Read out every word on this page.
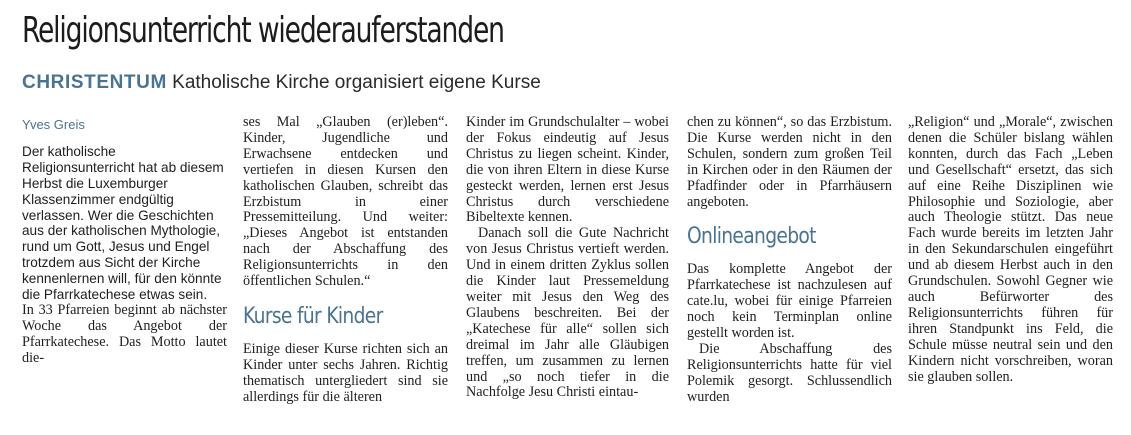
Religionsunterricht wiederauferstanden
CHRISTENTUM Katholische Kirche organisiert eigene Kurse
Yves Greis

Der katholische Religionsunterricht hat ab diesem Herbst die Luxemburger Klassenzimmer endgültig verlassen. Wer die Geschichten aus der katholischen Mythologie, rund um Gott, Jesus und Engel trotzdem aus Sicht der Kirche kennenlernen will, für den könnte die Pfarrkatechese etwas sein.

In 33 Pfarreien beginnt ab nächster Woche das Angebot der Pfarrkatechese. Das Motto lautet die-

ses Mal „Glauben (er)leben“. Kinder, Jugendliche und Erwachsene entdecken und vertiefen in diesen Kursen den katholischen Glauben, schreibt das Erzbistum in einer Pressemitteilung. Und weiter: „Dieses Angebot ist entstanden nach der Abschaffung des Religionsunterrichts in den öffentlichen Schulen.“

Kurse für Kinder

Einige dieser Kurse richten sich an Kinder unter sechs Jahren. Richtig thematisch untergliedert sind sie allerdings für die älteren

Kinder im Grundschulalter – wobei der Fokus eindeutig auf Jesus Christus zu liegen scheint. Kinder, die von ihren Eltern in diese Kurse gesteckt werden, lernen erst Jesus Christus durch verschiedene Bibeltexte kennen.

Danach soll die Gute Nachricht von Jesus Christus vertieft werden. Und in einem dritten Zyklus sollen die Kinder laut Pressemeldung weiter mit Jesus den Weg des Glaubens beschreiten. Bei der „Katechese für alle“ sollen sich dreimal im Jahr alle Gläubigen treffen, um zusammen zu lernen und „so noch tiefer in die Nachfolge Jesu Christi eintau-

chen zu können“, so das Erzbistum. Die Kurse werden nicht in den Schulen, sondern zum großen Teil in Kirchen oder in den Räumen der Pfadfinder oder in Pfarrhäusern angeboten.

Onlineangebot

Das komplette Angebot der Pfarrkatechese ist nachzulesen auf cate.lu, wobei für einige Pfarreien noch kein Terminplan online gestellt worden ist.

Die Abschaffung des Religionsunterrichts hatte für viel Polemik gesorgt. Schlussendlich wurden

„Religion“ und „Morale“, zwischen denen die Schüler bislang wählen konnten, durch das Fach „Leben und Gesellschaft“ ersetzt, das sich auf eine Reihe Disziplinen wie Philosophie und Soziologie, aber auch Theologie stützt. Das neue Fach wurde bereits im letzten Jahr in den Sekundarschulen eingeführt und ab diesem Herbst auch in den Grundschulen. Sowohl Gegner wie auch Befürworter des Religionsunterrichts führen für ihren Standpunkt ins Feld, die Schule müsse neutral sein und den Kindern nicht vorschreiben, woran sie glauben sollen.
